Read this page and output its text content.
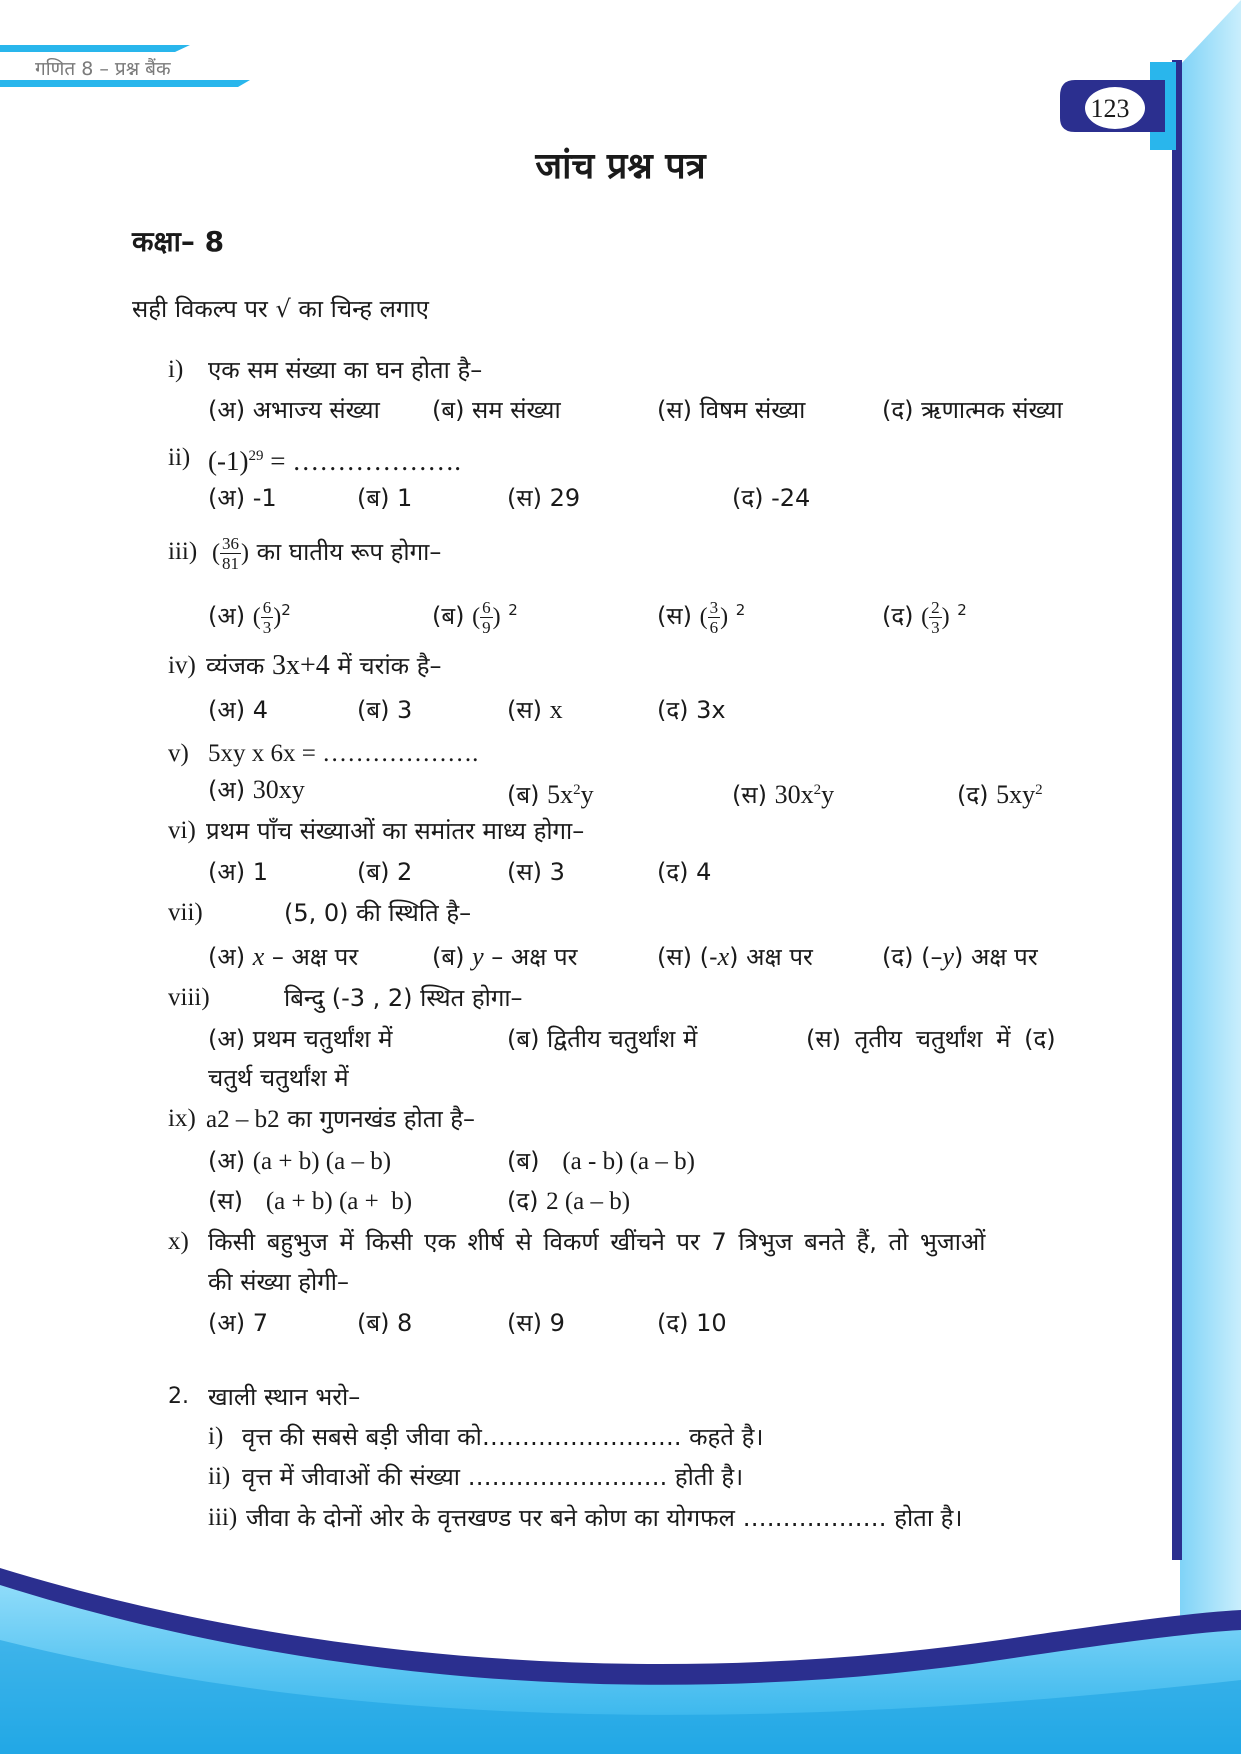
गणित 8 – प्रश्न बैंक
123
जांच प्रश्न पत्र
कक्षा– 8
सही विकल्प पर √ का चिन्ह लगाए
i) एक सम संख्या का घन होता है–
(अ) अभाज्य संख्या (ब) सम संख्या	(स) विषम संख्या	(द) ऋणात्मक संख्या
ii) $(-1)^{29}$ = ……………….
(अ) -1	(ब) 1	(स) 29	(द) -24
iii) ( $\frac{36}{81}$ ) का घातीय रूप होगा–
(अ) ( $\frac{6}{3} )^2$	(ब) ( $\frac{6}{9}$ ) $^2$	(स) ( $\frac{3}{6}$ ) $^2$	(द) ( $\frac{2}{3}$ ) $^2$
iv) व्यंजक 3x+4 में चरांक है–
(अ) 4	(ब) 3	(स) x	(द) 3x
v) 5xy x 6x = ……………….
(अ) 30xy	(ब) $5x^2y$	(स) $30x^2y$	(द) $5xy^2$
vi) प्रथम पाँच संख्याओं का समांतर माध्य होगा–
(अ) 1	(ब) 2	(स) 3	(द) 4
vii)	(5, 0) की स्थिति है–
(अ) x – अक्ष पर	(ब) y – अक्ष पर	(स) (-x) अक्ष पर	(द) (–y) अक्ष पर
viii)	बिन्दु (-3 , 2) स्थित होगा–
(अ) प्रथम चतुर्थांश में	(ब) द्वितीय चतुर्थांश में	(स) तृतीय चतुर्थांश में (द)
चतुर्थ चतुर्थांश में
ix) a2 – b2 का गुणनखंड होता है–
(अ) (a + b) (a – b)	(ब)   (a - b) (a – b)
(स)   (a + b) (a +  b)	(द) 2 (a – b)
x) किसी बहुभुज में किसी एक शीर्ष से विकर्ण खींचने पर 7 त्रिभुज बनते हैं, तो भुजाओं
की संख्या होगी–
(अ) 7	(ब) 8	(स) 9	(द) 10
2. खाली स्थान भरो–
i) वृत्त की सबसे बड़ी जीवा को……………………. कहते है।
ii) वृत्त में जीवाओं की संख्या ……………………. होती है।
iii) जीवा के दोनों ओर के वृत्तखण्ड पर बने कोण का योगफल ……………… होता है।
